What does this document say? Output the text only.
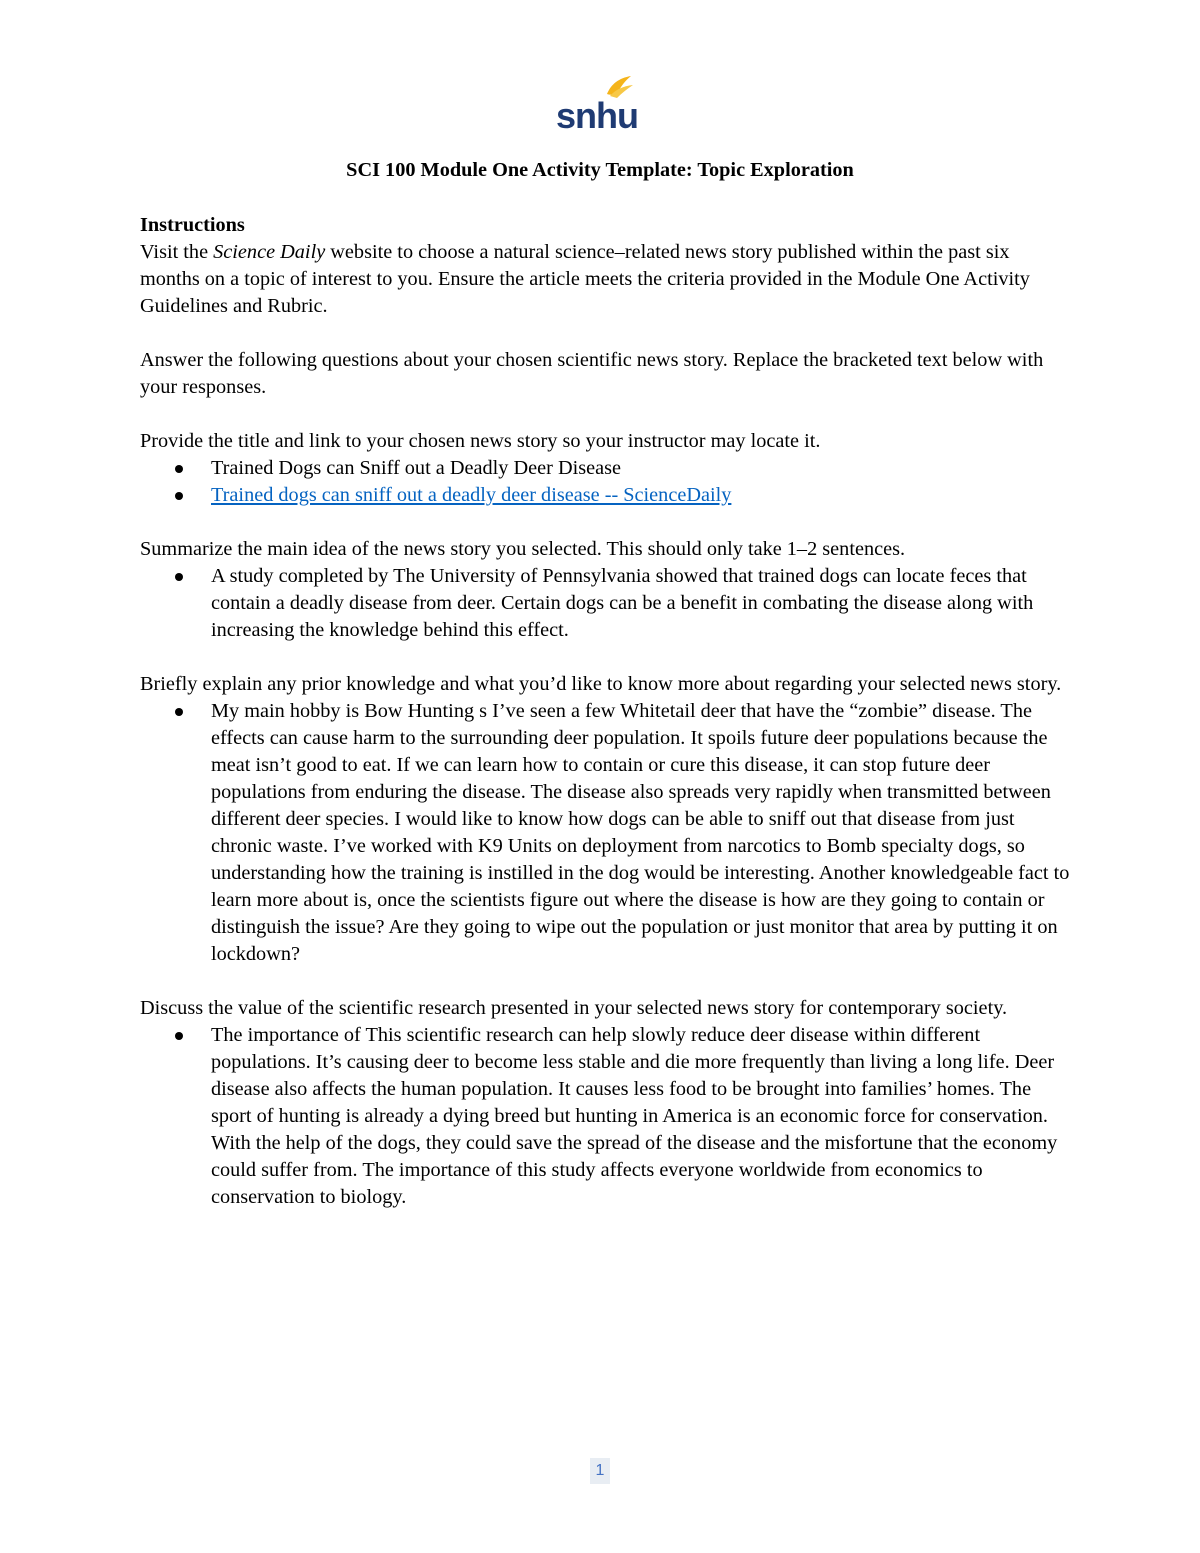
snhu
SCI 100 Module One Activity Template: Topic Exploration

Instructions

Visit the Science Daily website to choose a natural science–related news story published within the past six months on a topic of interest to you. Ensure the article meets the criteria provided in the Module One Activity Guidelines and Rubric.

Answer the following questions about your chosen scientific news story. Replace the bracketed text below with your responses.

Provide the title and link to your chosen news story so your instructor may locate it.

Trained Dogs can Sniff out a Deadly Deer Disease
Trained dogs can sniff out a deadly deer disease -- ScienceDaily

Summarize the main idea of the news story you selected. This should only take 1–2 sentences.

A study completed by The University of Pennsylvania showed that trained dogs can locate feces that contain a deadly disease from deer. Certain dogs can be a benefit in combating the disease along with increasing the knowledge behind this effect.

Briefly explain any prior knowledge and what you’d like to know more about regarding your selected news story.

My main hobby is Bow Hunting s I’ve seen a few Whitetail deer that have the “zombie” disease. The effects can cause harm to the surrounding deer population. It spoils future deer populations because the meat isn’t good to eat. If we can learn how to contain or cure this disease, it can stop future deer populations from enduring the disease. The disease also spreads very rapidly when transmitted between different deer species. I would like to know how dogs can be able to sniff out that disease from just chronic waste. I’ve worked with K9 Units on deployment from narcotics to Bomb specialty dogs, so understanding how the training is instilled in the dog would be interesting. Another knowledgeable fact to learn more about is, once the scientists figure out where the disease is how are they going to contain or distinguish the issue? Are they going to wipe out the population or just monitor that area by putting it on lockdown?

Discuss the value of the scientific research presented in your selected news story for contemporary society.

The importance of This scientific research can help slowly reduce deer disease within different populations. It’s causing deer to become less stable and die more frequently than living a long life. Deer disease also affects the human population. It causes less food to be brought into families’ homes. The sport of hunting is already a dying breed but hunting in America is an economic force for conservation. With the help of the dogs, they could save the spread of the disease and the misfortune that the economy could suffer from. The importance of this study affects everyone worldwide from economics to conservation to biology.
1
